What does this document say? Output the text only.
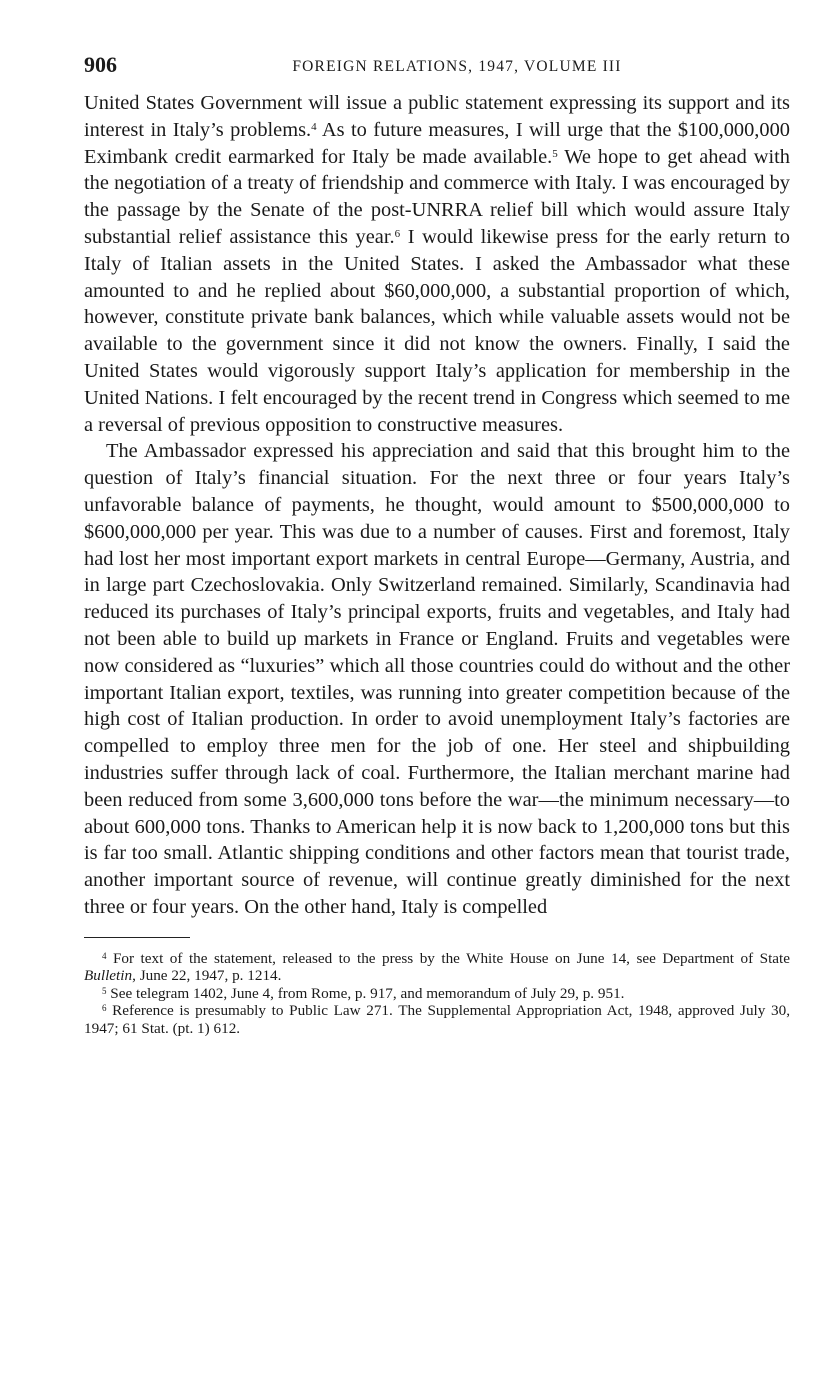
906	FOREIGN RELATIONS, 1947, VOLUME III

United States Government will issue a public statement expressing its support and its interest in Italy’s problems.$^4$ As to future measures, I will urge that the $100,000,000 Eximbank credit earmarked for Italy be made available.$^5$ We hope to get ahead with the negotiation of a treaty of friendship and commerce with Italy. I was encouraged by the passage by the Senate of the post-UNRRA relief bill which would assure Italy substantial relief assistance this year.$^6$ I would likewise press for the early return to Italy of Italian assets in the United States. I asked the Ambassador what these amounted to and he replied about $60,000,000, a substantial proportion of which, however, constitute private bank balances, which while valuable assets would not be available to the government since it did not know the owners. Finally, I said the United States would vigorously support Italy’s application for membership in the United Nations. I felt encouraged by the recent trend in Congress which seemed to me a reversal of previous opposition to constructive measures.

The Ambassador expressed his appreciation and said that this brought him to the question of Italy’s financial situation. For the next three or four years Italy’s unfavorable balance of payments, he thought, would amount to $500,000,000 to $600,000,000 per year. This was due to a number of causes. First and foremost, Italy had lost her most important export markets in central Europe—Germany, Austria, and in large part Czechoslovakia. Only Switzerland remained. Similarly, Scandinavia had reduced its purchases of Italy’s principal exports, fruits and vegetables, and Italy had not been able to build up markets in France or England. Fruits and vegetables were now considered as “luxuries” which all those countries could do without and the other important Italian export, textiles, was running into greater competition because of the high cost of Italian production. In order to avoid unemployment Italy’s factories are compelled to employ three men for the job of one. Her steel and shipbuilding industries suffer through lack of coal. Furthermore, the Italian merchant marine had been reduced from some 3,600,000 tons before the war—the minimum necessary—to about 600,000 tons. Thanks to American help it is now back to 1,200,000 tons but this is far too small. Atlantic shipping conditions and other factors mean that tourist trade, another important source of revenue, will continue greatly diminished for the next three or four years. On the other hand, Italy is compelled

$^4$ For text of the statement, released to the press by the White House on June 14, see Department of State Bulletin, June 22, 1947, p. 1214.

$^5$ See telegram 1402, June 4, from Rome, p. 917, and memorandum of July 29, p. 951.

$^6$ Reference is presumably to Public Law 271. The Supplemental Appropriation Act, 1948, approved July 30, 1947; 61 Stat. (pt. 1) 612.
